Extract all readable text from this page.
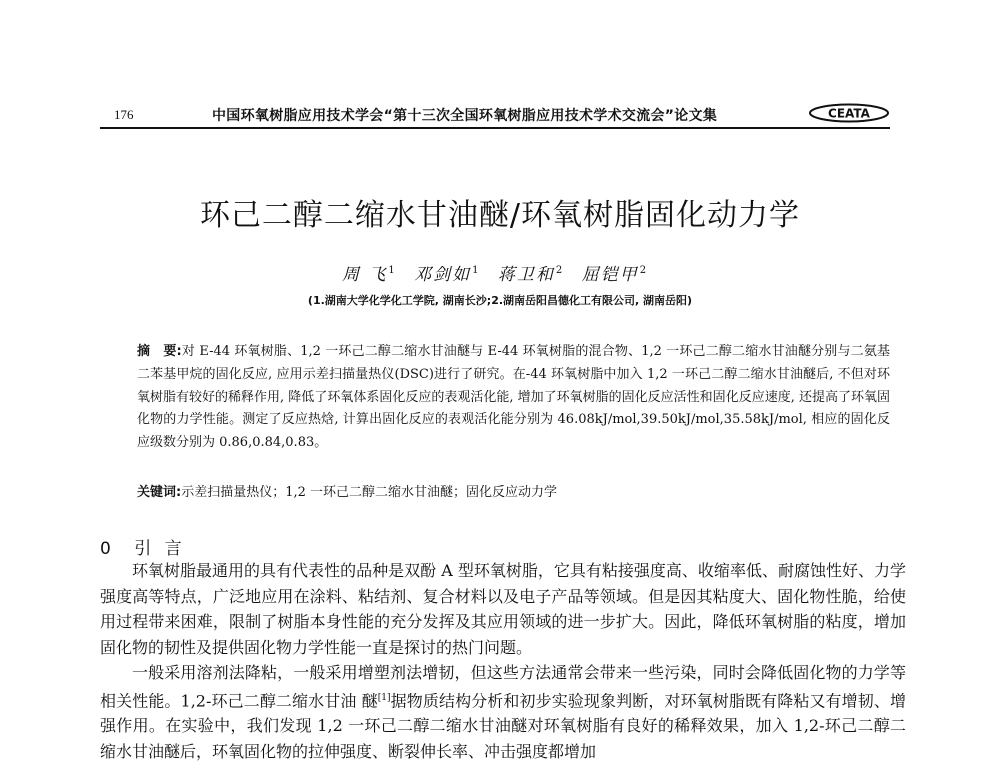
176	中国环氧树脂应用技术学会“第十三次全国环氧树脂应用技术学术交流会”论文集	CEATA
环己二醇二缩水甘油醚/环氧树脂固化动力学
周 飞$^1$ 邓剑如$^1$ 蒋卫和$^2$ 屈铠甲$^2$
(1.湖南大学化学化工学院, 湖南长沙;2.湖南岳阳昌德化工有限公司, 湖南岳阳)
摘　要:对 E-44 环氧树脂、1,2 一环己二醇二缩水甘油醚与 E-44 环氧树脂的混合物、1,2 一环己二醇二缩水甘油醚分别与二氨基二苯基甲烷的固化反应, 应用示差扫描量热仪(DSC)进行了研究。在-44 环氧树脂中加入 1,2 一环己二醇二缩水甘油醚后, 不但对环氧树脂有较好的稀释作用, 降低了环氧体系固化反应的表观活化能, 增加了环氧树脂的固化反应活性和固化反应速度, 还提高了环氧固化物的力学性能。测定了反应热焓, 计算出固化反应的表观活化能分别为 46.08kJ/mol,39.50kJ/mol,35.58kJ/mol, 相应的固化反应级数分别为 0.86,0.84,0.83。
关键词:示差扫描量热仪；1,2 一环己二醇二缩水甘油醚；固化反应动力学
0 引 言

环氧树脂最通用的具有代表性的品种是双酚 A 型环氧树脂，它具有粘接强度高、收缩率低、耐腐蚀性好、力学强度高等特点，广泛地应用在涂料、粘结剂、复合材料以及电子产品等领域。但是因其粘度大、固化物性脆，给使用过程带来困难，限制了树脂本身性能的充分发挥及其应用领域的进一步扩大。因此，降低环氧树脂的粘度，增加固化物的韧性及提供固化物力学性能一直是探讨的热门问题。

一般采用溶剂法降粘，一般采用增塑剂法增韧，但这些方法通常会带来一些污染，同时会降低固化物的力学等相关性能。1,2-环己二醇二缩水甘油 醚[1]据物质结构分析和初步实验现象判断，对环氧树脂既有降粘又有增韧、增强作用。在实验中，我们发现 1,2 一环己二醇二缩水甘油醚对环氧树脂有良好的稀释效果，加入 1,2-环己二醇二缩水甘油醚后，环氧固化物的拉伸强度、断裂伸长率、冲击强度都增加
